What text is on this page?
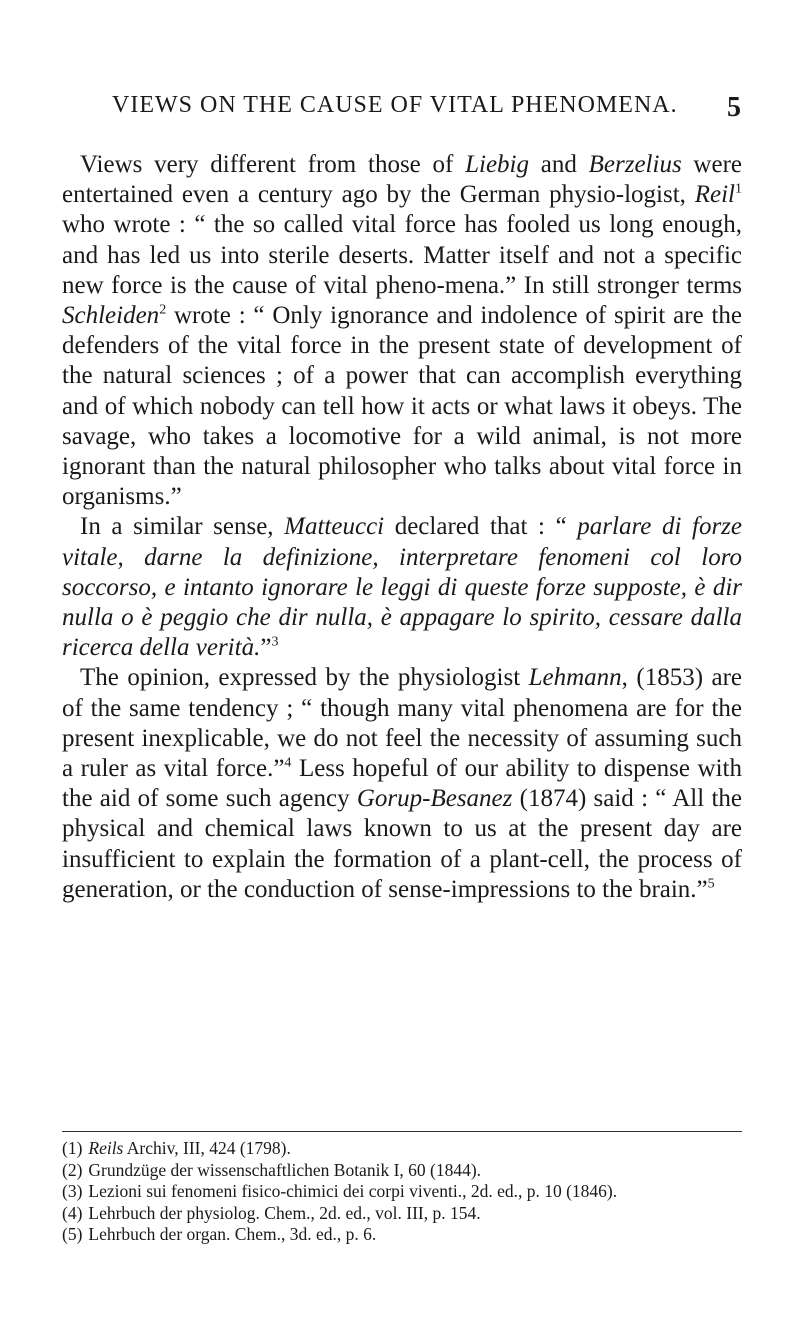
VIEWS ON THE CAUSE OF VITAL PHENOMENA. 5

Views very different from those of Liebig and Berzelius were entertained even a century ago by the German physio-logist, Reil$^1$ who wrote : “ the so called vital force has fooled us long enough, and has led us into sterile deserts. Matter itself and not a specific new force is the cause of vital pheno-mena.” In still stronger terms Schleiden$^2$ wrote : “ Only ignorance and indolence of spirit are the defenders of the vital force in the present state of development of the natural sciences ; of a power that can accomplish everything and of which nobody can tell how it acts or what laws it obeys. The savage, who takes a locomotive for a wild animal, is not more ignorant than the natural philosopher who talks about vital force in organisms.”

In a similar sense, Matteucci declared that : “ parlare di forze vitale, darne la definizione, interpretare fenomeni col loro soccorso, e intanto ignorare le leggi di queste forze supposte, è dir nulla o è peggio che dir nulla, è appagare lo spirito, cessare dalla ricerca della verità.”$^3$

The opinion, expressed by the physiologist Lehmann, (1853) are of the same tendency ; “ though many vital phenomena are for the present inexplicable, we do not feel the necessity of assuming such a ruler as vital force.”$^4$ Less hopeful of our ability to dispense with the aid of some such agency Gorup-Besanez (1874) said : “ All the physical and chemical laws known to us at the present day are insufficient to explain the formation of a plant-cell, the process of generation, or the conduction of sense-impressions to the brain.”$^5$

(1) Reils Archiv, III, 424 (1798).
(2) Grundzüge der wissenschaftlichen Botanik I, 60 (1844).
(3) Lezioni sui fenomeni fisico-chimici dei corpi viventi., 2d. ed., p. 10 (1846).
(4) Lehrbuch der physiolog. Chem., 2d. ed., vol. III, p. 154.
(5) Lehrbuch der organ. Chem., 3d. ed., p. 6.
